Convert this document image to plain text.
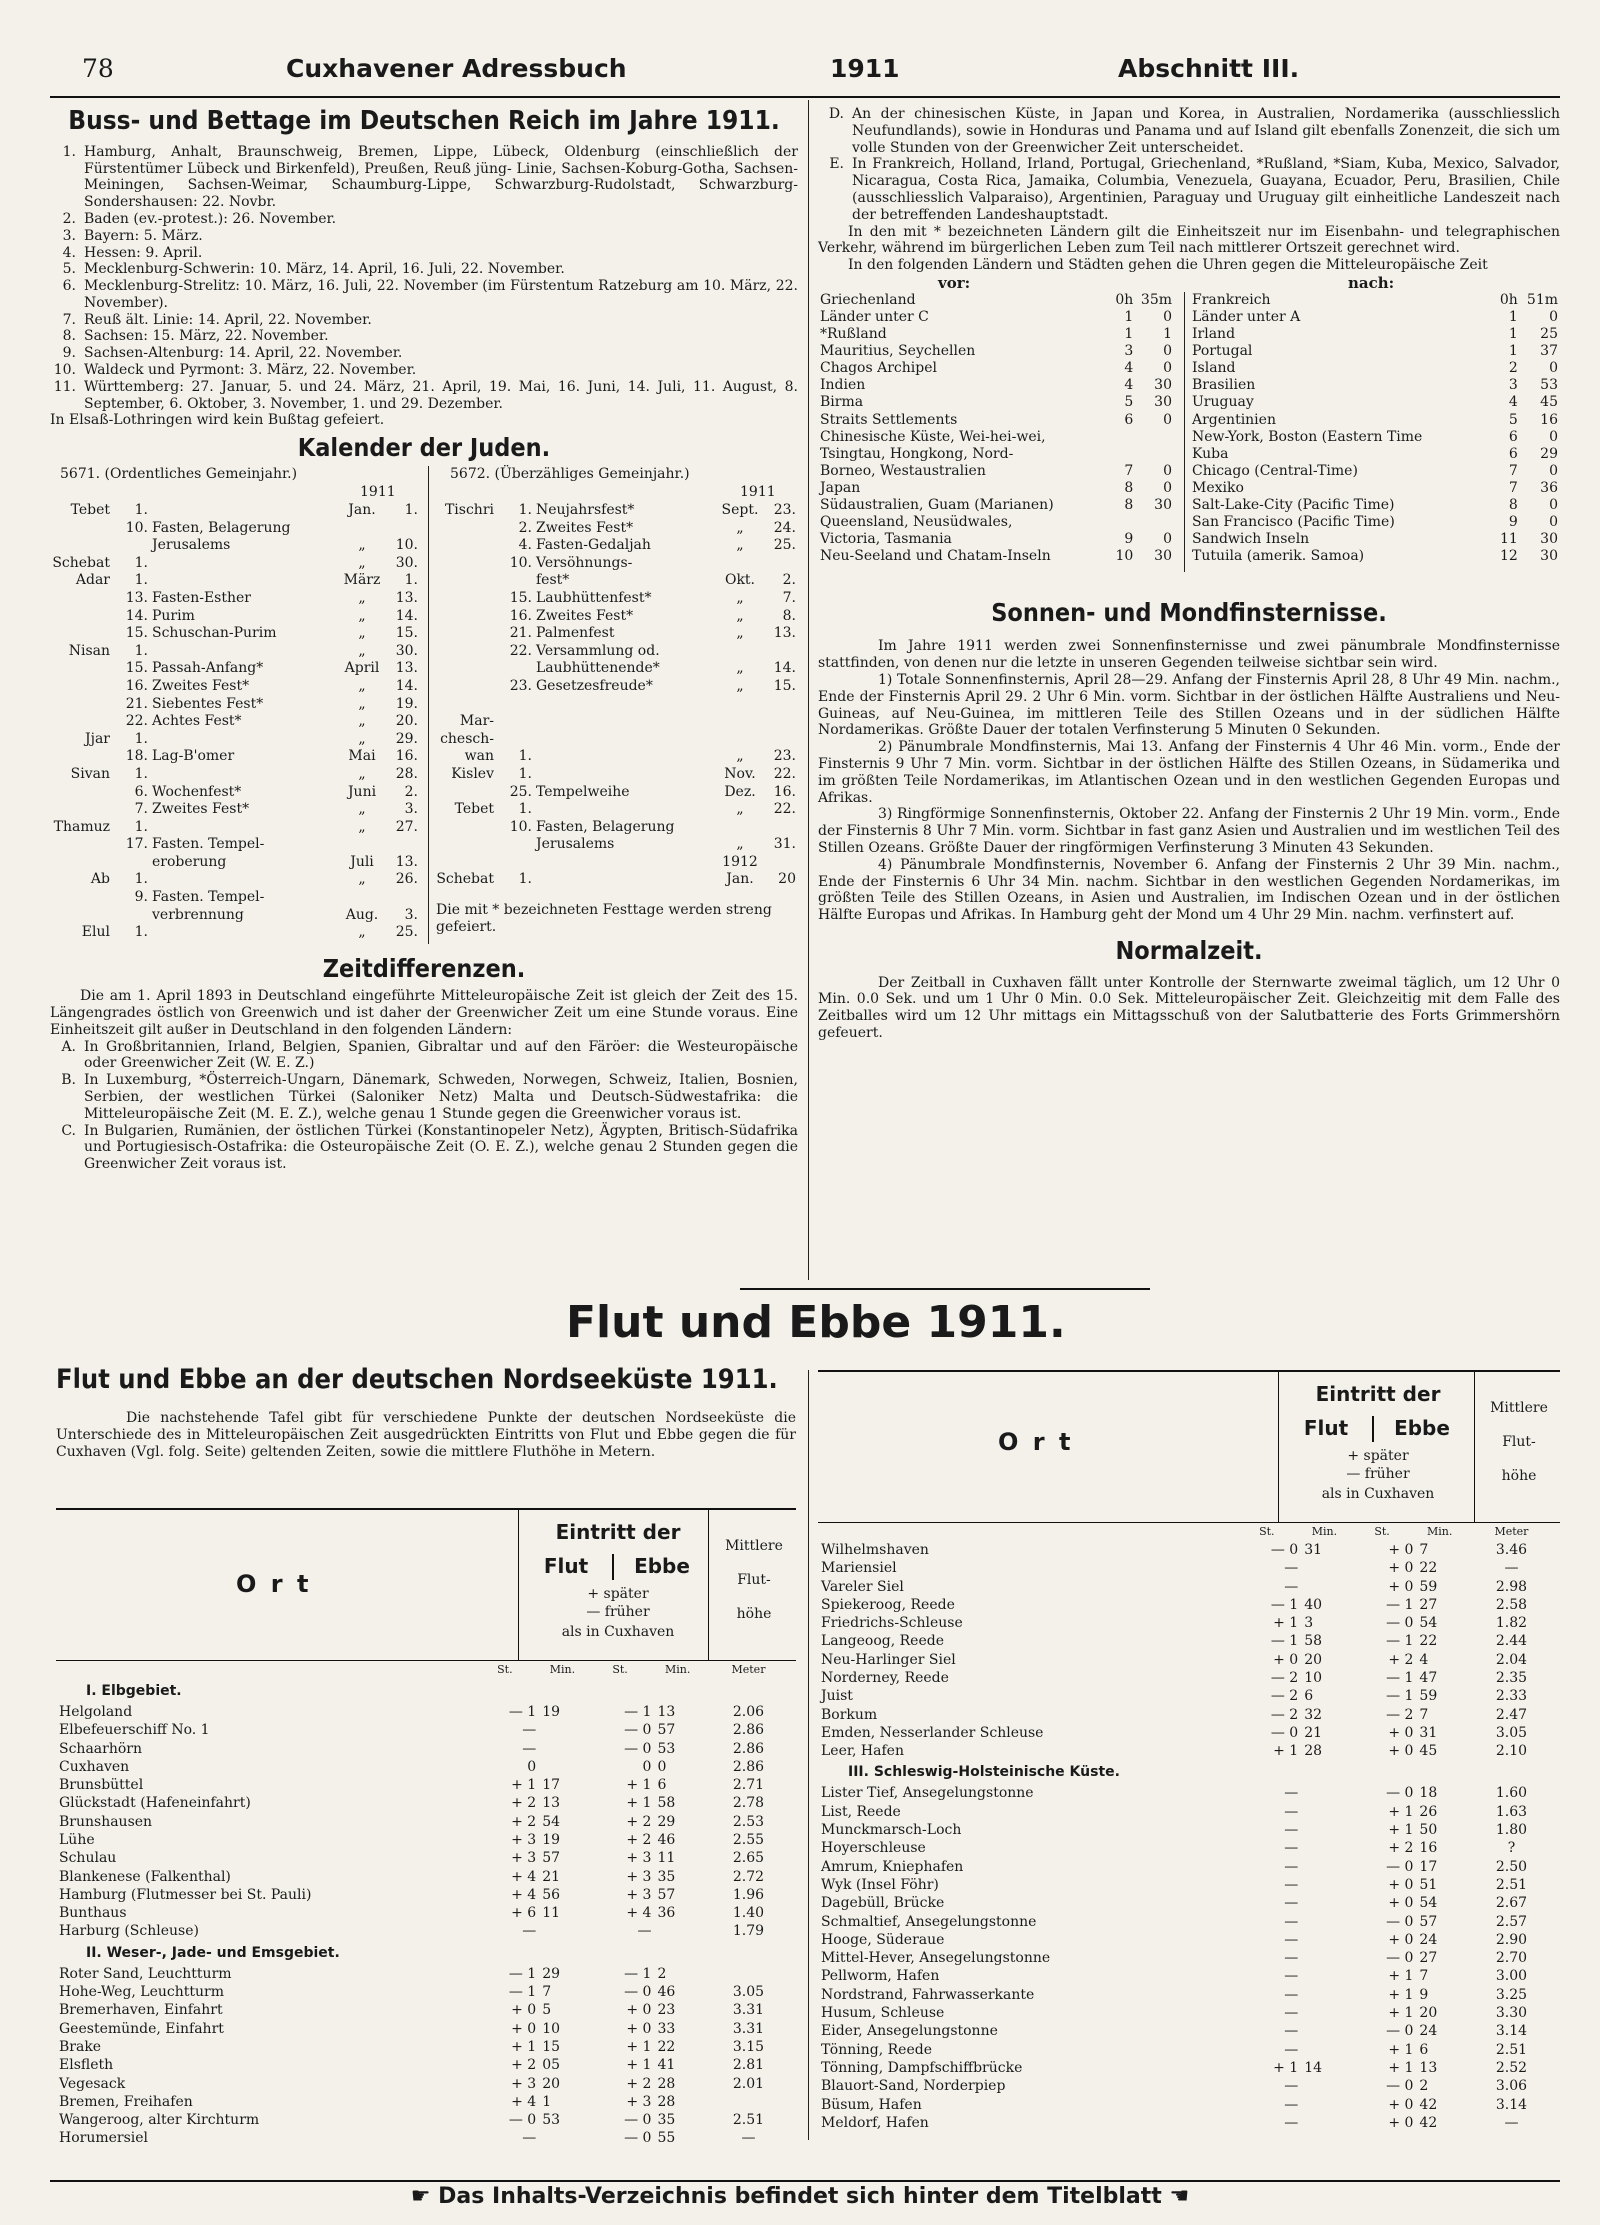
78	Cuxhavener Adressbuch	1911	Abschnitt III.
Buss- und Bettage im Deutschen Reich im Jahre 1911.
1. Hamburg, Anhalt, Braunschweig, Bremen, Lippe, Lübeck, Oldenburg (einschließlich der Fürstentümer Lübeck und Birkenfeld), Preußen, Reuß jüng- Linie, Sachsen-Koburg-Gotha, Sachsen-Meiningen, Sachsen-Weimar, Schaumburg-Lippe, Schwarzburg-Rudolstadt, Schwarzburg-Sondershausen: 22. Novbr.
2. Baden (ev.-protest.): 26. November.
3. Bayern: 5. März.
4. Hessen: 9. April.
5. Mecklenburg-Schwerin: 10. März, 14. April, 16. Juli, 22. November.
6. Mecklenburg-Strelitz: 10. März, 16. Juli, 22. November (im Fürstentum Ratzeburg am 10. März, 22. November).
7. Reuß ält. Linie: 14. April, 22. November.
8. Sachsen: 15. März, 22. November.
9. Sachsen-Altenburg: 14. April, 22. November.
10. Waldeck und Pyrmont: 3. März, 22. November.
11. Württemberg: 27. Januar, 5. und 24. März, 21. April, 19. Mai, 16. Juni, 14. Juli, 11. August, 8. September, 6. Oktober, 3. November, 1. und 29. Dezember.
In Elsaß-Lothringen wird kein Bußtag gefeiert.
Kalender der Juden.
5671. (Ordentliches Gemeinjahr.)	5672. (Überzähliges Gemeinjahr.)
1911	1911
Tebet	1.		Jan.	1.
	10.	Fasten, Belagerung		
		Jerusalems	„	10.
Schebat	1.		„	30.
Adar	1.		März	1.
	13.	Fasten-Esther	„	13.
	14.	Purim	„	14.
	15.	Schuschan-Purim	„	15.
Nisan	1.		„	30.
	15.	Passah-Anfang*	April	13.
	16.	Zweites Fest*	„	14.
	21.	Siebentes Fest*	„	19.
	22.	Achtes Fest*	„	20.
Jjar	1.		„	29.
	18.	Lag-B'omer	Mai	16.
Sivan	1.		„	28.
	6.	Wochenfest*	Juni	2.
	7.	Zweites Fest*	„	3.
Thamuz	1.		„	27.
	17.	Fasten. Tempel-		
		eroberung	Juli	13.
Ab	1.		„	26.
	9.	Fasten. Tempel-		
		verbrennung	Aug.	3.
Elul	1.		„	25.
Tischri	1.	Neujahrsfest*	Sept.	23.
	2.	Zweites Fest*	„	24.
	4.	Fasten-Gedaljah	„	25.
	10.	Versöhnungs-		
		fest*	Okt.	2.
	15.	Laubhüttenfest*	„	7.
	16.	Zweites Fest*	„	8.
	21.	Palmenfest	„	13.
	22.	Versammlung od.		
		Laubhüttenende*	„	14.
	23.	Gesetzesfreude*	„	15.

Mar-				
chesch-				
wan	1.		„	23.
Kislev	1.		Nov.	22.
	25.	Tempelweihe	Dez.	16.
Tebet	1.		„	22.
	10.	Fasten, Belagerung		
		Jerusalems	„	31.
			1912	
Schebat	1.		Jan.	20
Die mit * bezeichneten Festtage werden streng gefeiert.
Zeitdifferenzen.
Die am 1. April 1893 in Deutschland eingeführte Mitteleuropäische Zeit ist gleich der Zeit des 15. Längengrades östlich von Greenwich und ist daher der Greenwicher Zeit um eine Stunde voraus. Eine Einheitszeit gilt außer in Deutschland in den folgenden Ländern:
A. In Großbritannien, Irland, Belgien, Spanien, Gibraltar und auf den Färöer: die Westeuropäische oder Greenwicher Zeit (W. E. Z.)
B. In Luxemburg, *Österreich-Ungarn, Dänemark, Schweden, Norwegen, Schweiz, Italien, Bosnien, Serbien, der westlichen Türkei (Saloniker Netz) Malta und Deutsch-Südwestafrika: die Mitteleuropäische Zeit (M. E. Z.), welche genau 1 Stunde gegen die Greenwicher voraus ist.
C. In Bulgarien, Rumänien, der östlichen Türkei (Konstantinopeler Netz), Ägypten, Britisch-Südafrika und Portugiesisch-Ostafrika: die Osteuropäische Zeit (O. E. Z.), welche genau 2 Stunden gegen die Greenwicher Zeit voraus ist.
D. An der chinesischen Küste, in Japan und Korea, in Australien, Nordamerika (ausschliesslich Neufundlands), sowie in Honduras und Panama und auf Island gilt ebenfalls Zonenzeit, die sich um volle Stunden von der Greenwicher Zeit unterscheidet.
E. In Frankreich, Holland, Irland, Portugal, Griechenland, *Rußland, *Siam, Kuba, Mexico, Salvador, Nicaragua, Costa Rica, Jamaika, Columbia, Venezuela, Guayana, Ecuador, Peru, Brasilien, Chile (ausschliesslich Valparaiso), Argentinien, Paraguay und Uruguay gilt einheitliche Landeszeit nach der betreffenden Landeshauptstadt.
In den mit * bezeichneten Ländern gilt die Einheitszeit nur im Eisenbahn- und telegraphischen Verkehr, während im bürgerlichen Leben zum Teil nach mittlerer Ortszeit gerechnet wird.
In den folgenden Ländern und Städten gehen die Uhren gegen die Mitteleuropäische Zeit
vor:	nach:
Griechenland	0h	35m
Länder unter C	1	0
*Rußland	1	1
Mauritius, Seychellen	3	0
Chagos Archipel	4	0
Indien	4	30
Birma	5	30
Straits Settlements	6	0
Chinesische Küste, Wei-hei-wei,		
Tsingtau, Hongkong, Nord-		
Borneo, Westaustralien	7	0
Japan	8	0
Südaustralien, Guam (Marianen)	8	30
Queensland, Neusüdwales,		
Victoria, Tasmania	9	0
Neu-Seeland und Chatam-Inseln	10	30
Frankreich	0h	51m
Länder unter A	1	0
Irland	1	25
Portugal	1	37
Island	2	0
Brasilien	3	53
Uruguay	4	45
Argentinien	5	16
New-York, Boston (Eastern Time	6	0
Kuba	6	29
Chicago (Central-Time)	7	0
Mexiko	7	36
Salt-Lake-City (Pacific Time)	8	0
San Francisco (Pacific Time)	9	0
Sandwich Inseln	11	30
Tutuila (amerik. Samoa)	12	30
Sonnen- und Mondfinsternisse.
Im Jahre 1911 werden zwei Sonnenfinsternisse und zwei pänumbrale Mondfinsternisse stattfinden, von denen nur die letzte in unseren Gegenden teilweise sichtbar sein wird.
1) Totale Sonnenfinsternis, April 28—29. Anfang der Finsternis April 28, 8 Uhr 49 Min. nachm., Ende der Finsternis April 29. 2 Uhr 6 Min. vorm. Sichtbar in der östlichen Hälfte Australiens und Neu-Guineas, auf Neu-Guinea, im mittleren Teile des Stillen Ozeans und in der südlichen Hälfte Nordamerikas. Größte Dauer der totalen Verfinsterung 5 Minuten 0 Sekunden.
2) Pänumbrale Mondfinsternis, Mai 13. Anfang der Finsternis 4 Uhr 46 Min. vorm., Ende der Finsternis 9 Uhr 7 Min. vorm. Sichtbar in der östlichen Hälfte des Stillen Ozeans, in Südamerika und im größten Teile Nordamerikas, im Atlantischen Ozean und in den westlichen Gegenden Europas und Afrikas.
3) Ringförmige Sonnenfinsternis, Oktober 22. Anfang der Finsternis 2 Uhr 19 Min. vorm., Ende der Finsternis 8 Uhr 7 Min. vorm. Sichtbar in fast ganz Asien und Australien und im westlichen Teil des Stillen Ozeans. Größte Dauer der ringförmigen Verfinsterung 3 Minuten 43 Sekunden.
4) Pänumbrale Mondfinsternis, November 6. Anfang der Finsternis 2 Uhr 39 Min. nachm., Ende der Finsternis 6 Uhr 34 Min. nachm. Sichtbar in den westlichen Gegenden Nordamerikas, im größten Teile des Stillen Ozeans, in Asien und Australien, im Indischen Ozean und in der östlichen Hälfte Europas und Afrikas. In Hamburg geht der Mond um 4 Uhr 29 Min. nachm. verfinstert auf.
Normalzeit.
Der Zeitball in Cuxhaven fällt unter Kontrolle der Sternwarte zweimal täglich, um 12 Uhr 0 Min. 0.0 Sek. und um 1 Uhr 0 Min. 0.0 Sek. Mitteleuropäischer Zeit. Gleichzeitig mit dem Falle des Zeitballes wird um 12 Uhr mittags ein Mittagsschuß von der Salutbatterie des Forts Grimmershörn gefeuert.
Flut und Ebbe 1911.
Flut und Ebbe an der deutschen Nordseeküste 1911.
Die nachstehende Tafel gibt für verschiedene Punkte der deutschen Nordseeküste die Unterschiede des in Mitteleuropäischen Zeit ausgedrückten Eintritts von Flut und Ebbe gegen die für Cuxhaven (Vgl. folg. Seite) geltenden Zeiten, sowie die mittlere Fluthöhe in Metern.
O r t
Eintritt der
Flut	Ebbe
+ später
— früher
als in Cuxhaven
Mittlere
Flut-
höhe
	St.	Min.	St.	Min.	Meter
I. Elbgebiet.					
Helgoland	— 1	19	— 1	13	2.06
Elbefeuerschiff No. 1	—		— 0	57	2.86
Schaarhörn	—		— 0	53	2.86
Cuxhaven	0		0	0	2.86
Brunsbüttel	+ 1	17	+ 1	6	2.71
Glückstadt (Hafeneinfahrt)	+ 2	13	+ 1	58	2.78
Brunshausen	+ 2	54	+ 2	29	2.53
Lühe	+ 3	19	+ 2	46	2.55
Schulau	+ 3	57	+ 3	11	2.65
Blankenese (Falkenthal)	+ 4	21	+ 3	35	2.72
Hamburg (Flutmesser bei St. Pauli)	+ 4	56	+ 3	57	1.96
Bunthaus	+ 6	11	+ 4	36	1.40
Harburg (Schleuse)	—		—		1.79
II. Weser-, Jade- und Emsgebiet.					
Roter Sand, Leuchtturm	— 1	29	— 1	2	
Hohe-Weg, Leuchtturm	— 1	7	— 0	46	3.05
Bremerhaven, Einfahrt	+ 0	5	+ 0	23	3.31
Geestemünde, Einfahrt	+ 0	10	+ 0	33	3.31
Brake	+ 1	15	+ 1	22	3.15
Elsfleth	+ 2	05	+ 1	41	2.81
Vegesack	+ 3	20	+ 2	28	2.01
Bremen, Freihafen	+ 4	1	+ 3	28	
Wangeroog, alter Kirchturm	— 0	53	— 0	35	2.51
Horumersiel	—		— 0	55	—
O r t
Eintritt der
Flut	Ebbe
+ später
— früher
als in Cuxhaven
Mittlere
Flut-
höhe
	St.	Min.	St.	Min.	Meter
Wilhelmshaven	— 0	31	+ 0	7	3.46
Mariensiel	—		+ 0	22	—
Vareler Siel	—		+ 0	59	2.98
Spiekeroog, Reede	— 1	40	— 1	27	2.58
Friedrichs-Schleuse	+ 1	3	— 0	54	1.82
Langeoog, Reede	— 1	58	— 1	22	2.44
Neu-Harlinger Siel	+ 0	20	+ 2	4	2.04
Norderney, Reede	— 2	10	— 1	47	2.35
Juist	— 2	6	— 1	59	2.33
Borkum	— 2	32	— 2	7	2.47
Emden, Nesserlander Schleuse	— 0	21	+ 0	31	3.05
Leer, Hafen	+ 1	28	+ 0	45	2.10
III. Schleswig-Holsteinische Küste.					
Lister Tief, Ansegelungstonne	—		— 0	18	1.60
List, Reede	—		+ 1	26	1.63
Munckmarsch-Loch	—		+ 1	50	1.80
Hoyerschleuse	—		+ 2	16	?
Amrum, Kniephafen	—		— 0	17	2.50
Wyk (Insel Föhr)	—		+ 0	51	2.51
Dagebüll, Brücke	—		+ 0	54	2.67
Schmaltief, Ansegelungstonne	—		— 0	57	2.57
Hooge, Süderaue	—		+ 0	24	2.90
Mittel-Hever, Ansegelungstonne	—		— 0	27	2.70
Pellworm, Hafen	—		+ 1	7	3.00
Nordstrand, Fahrwasserkante	—		+ 1	9	3.25
Husum, Schleuse	—		+ 1	20	3.30
Eider, Ansegelungstonne	—		— 0	24	3.14
Tönning, Reede	—		+ 1	6	2.51
Tönning, Dampfschiffbrücke	+ 1	14	+ 1	13	2.52
Blauort-Sand, Norderpiep	—		— 0	2	3.06
Büsum, Hafen	—		+ 0	42	3.14
Meldorf, Hafen	—		+ 0	42	—
☛ Das Inhalts-Verzeichnis befindet sich hinter dem Titelblatt ☚
